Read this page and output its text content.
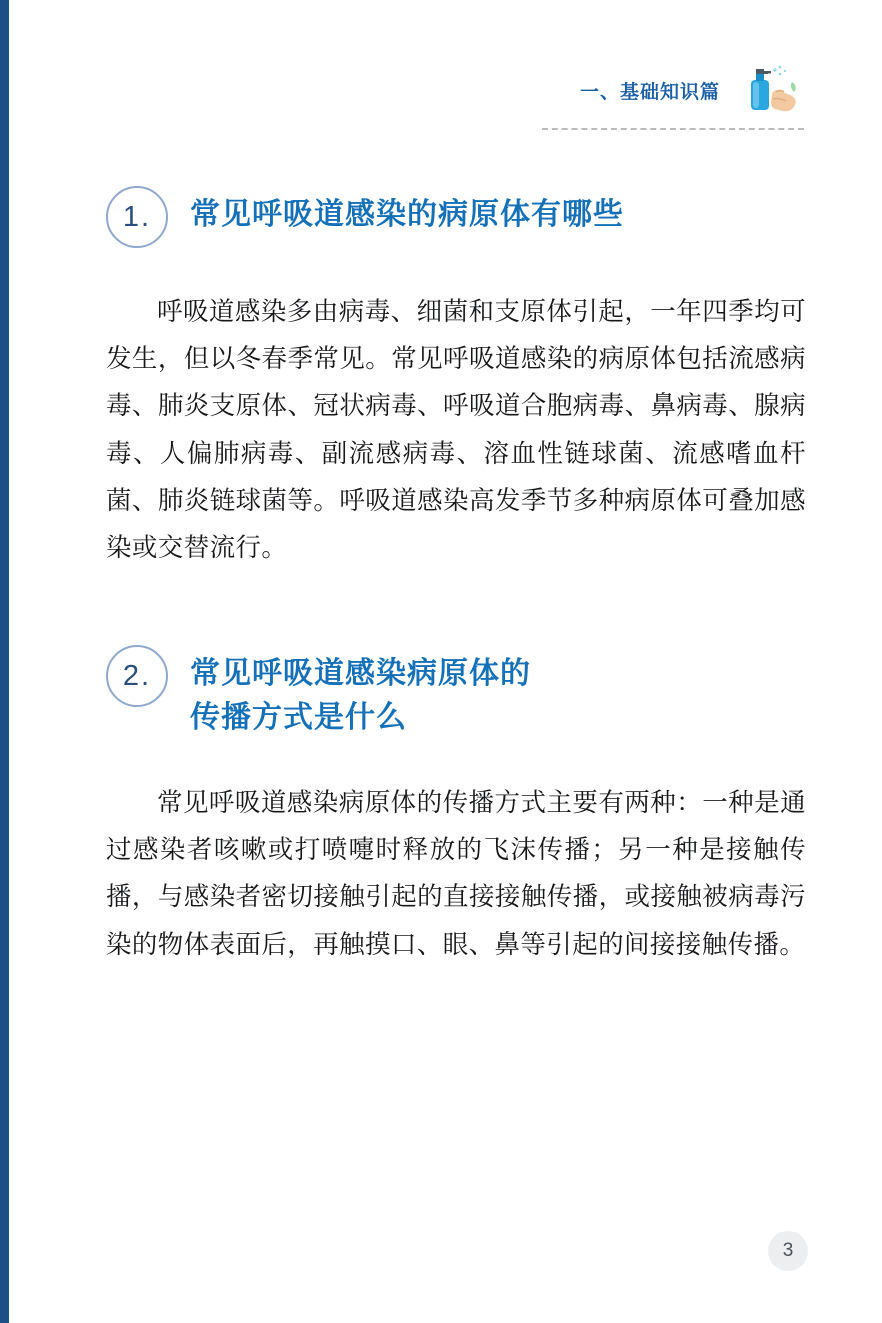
一、基础知识篇
1.	常见呼吸道感染的病原体有哪些

呼吸道感染多由病毒、细菌和支原体引起，一年四季均可发生，但以冬春季常见。常见呼吸道感染的病原体包括流感病毒、肺炎支原体、冠状病毒、呼吸道合胞病毒、鼻病毒、腺病毒、人偏肺病毒、副流感病毒、溶血性链球菌、流感嗜血杆菌、肺炎链球菌等。呼吸道感染高发季节多种病原体可叠加感染或交替流行。

2.	常见呼吸道感染病原体的
传播方式是什么

常见呼吸道感染病原体的传播方式主要有两种：一种是通过感染者咳嗽或打喷嚏时释放的飞沫传播；另一种是接触传播，与感染者密切接触引起的直接接触传播，或接触被病毒污染的物体表面后，再触摸口、眼、鼻等引起的间接接触传播。

3
